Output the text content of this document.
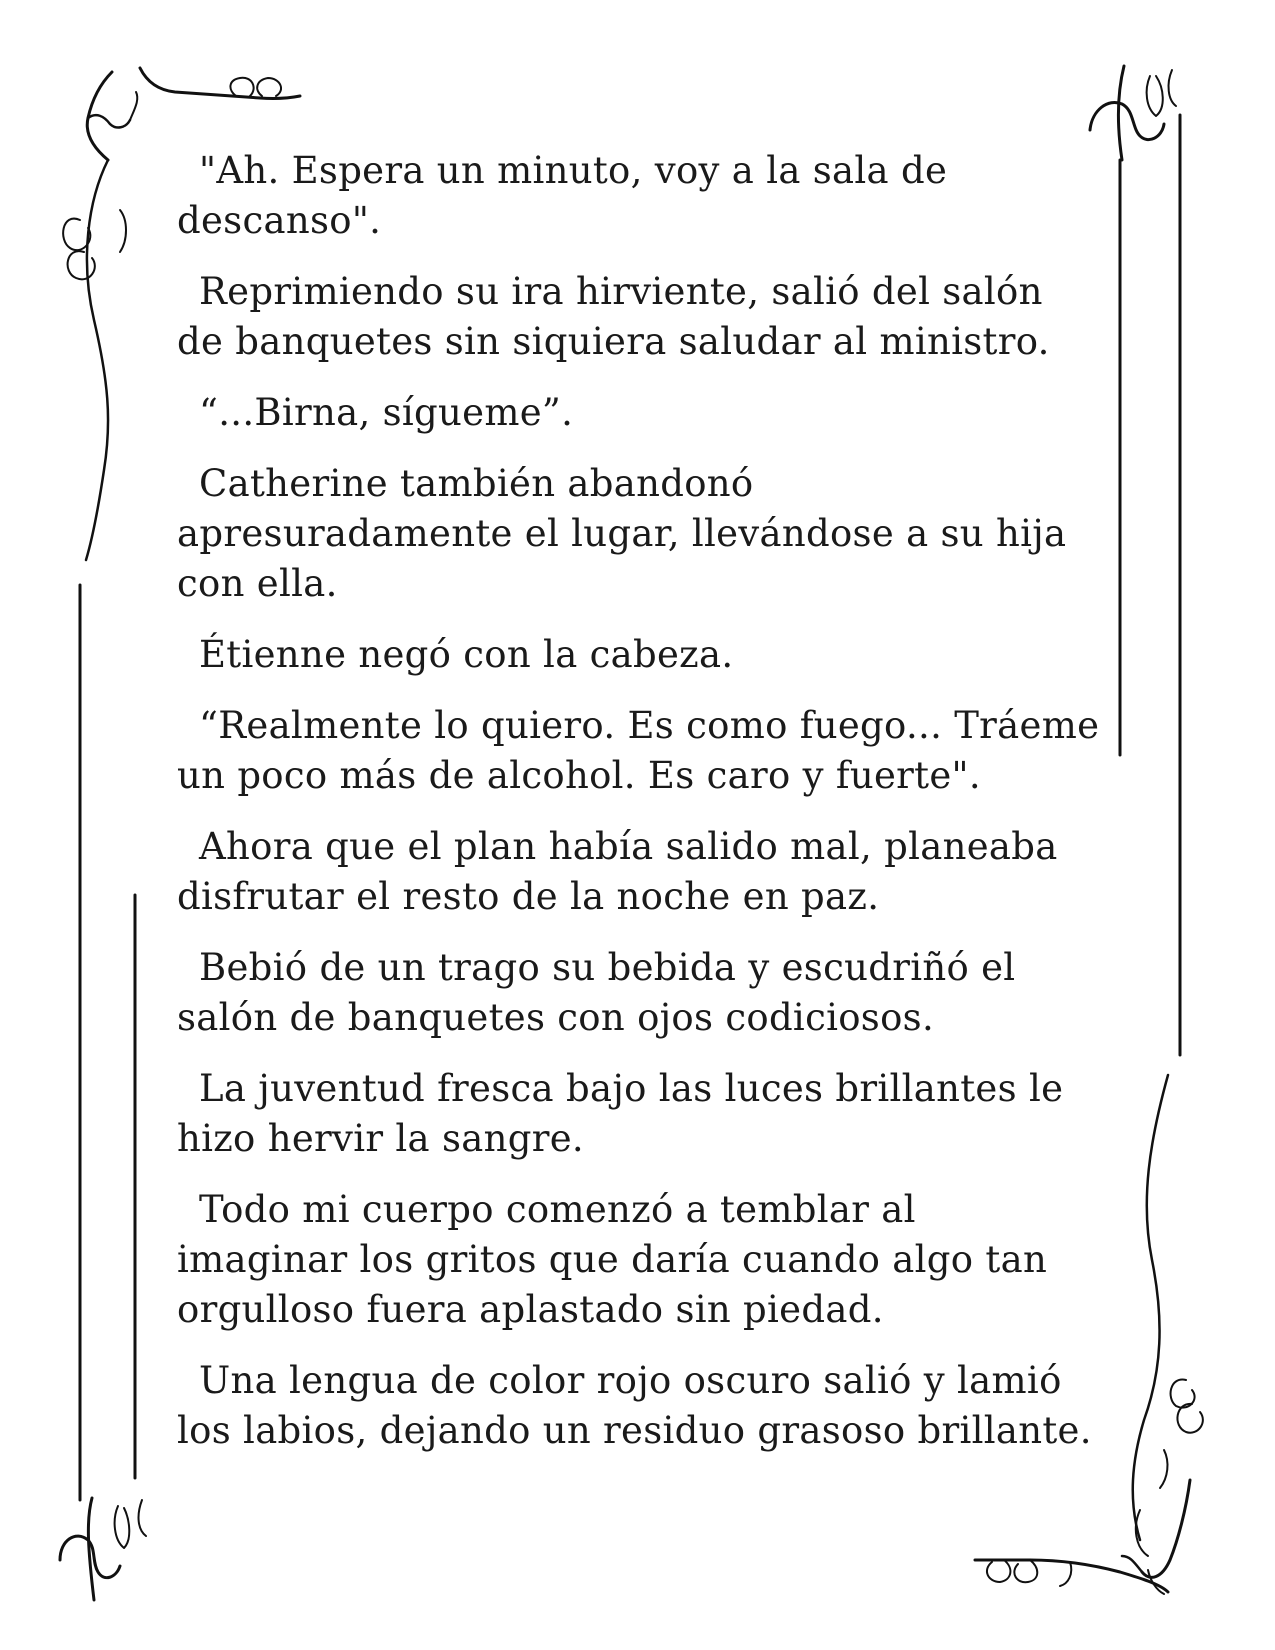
"Ah. Espera un minuto, voy a la sala de
descanso".

Reprimiendo su ira hirviente, salió del salón
de banquetes sin siquiera saludar al ministro.

“...Birna, sígueme”.

Catherine también abandonó
apresuradamente el lugar, llevándose a su hija
con ella.

Étienne negó con la cabeza.

“Realmente lo quiero. Es como fuego... Tráeme
un poco más de alcohol. Es caro y fuerte".

Ahora que el plan había salido mal, planeaba
disfrutar el resto de la noche en paz.

Bebió de un trago su bebida y escudriñó el
salón de banquetes con ojos codiciosos.

La juventud fresca bajo las luces brillantes le
hizo hervir la sangre.

Todo mi cuerpo comenzó a temblar al
imaginar los gritos que daría cuando algo tan
orgulloso fuera aplastado sin piedad.

Una lengua de color rojo oscuro salió y lamió
los labios, dejando un residuo grasoso brillante.
